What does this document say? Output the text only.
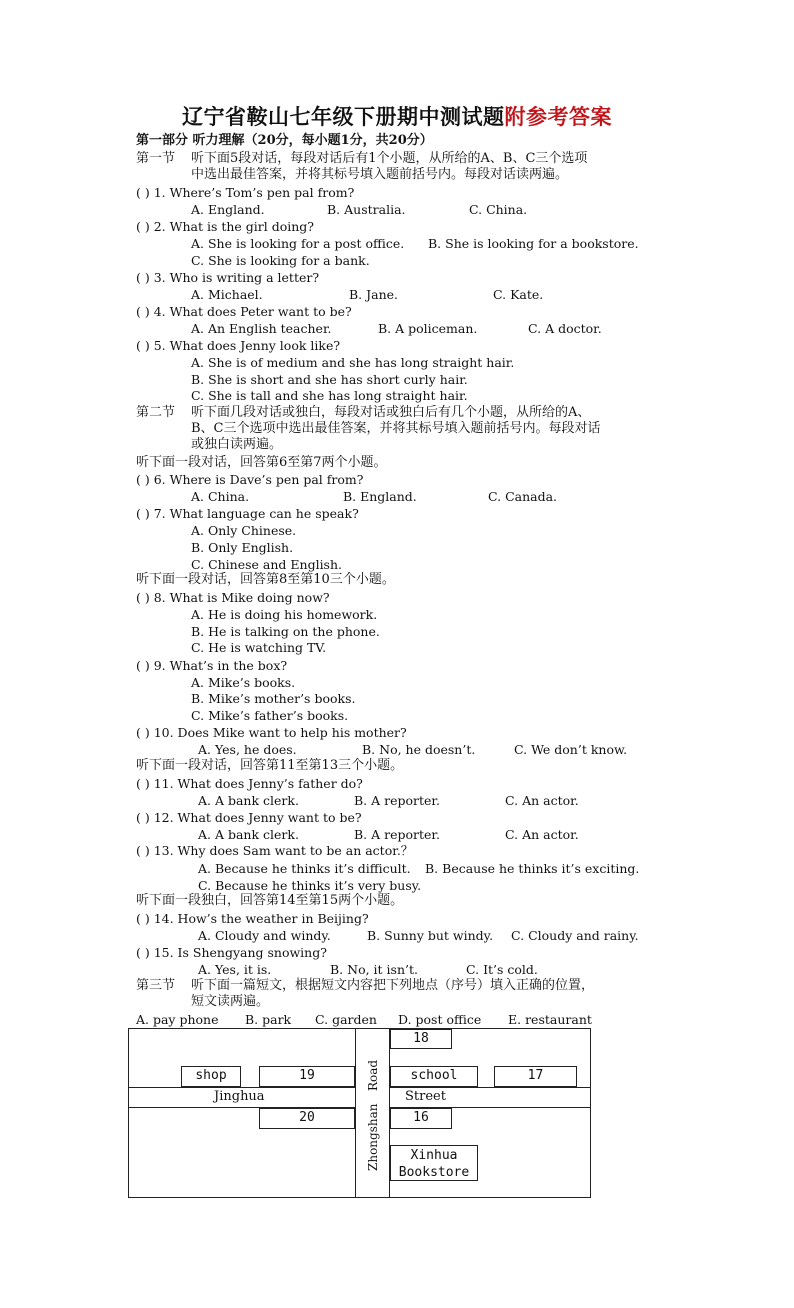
辽宁省鞍山七年级下册期中测试题附参考答案
第一部分 听力理解（20分，每小题1分，共20分）
第一节 听下面5段对话，每段对话后有1个小题，从所给的A、B、C三个选项
中选出最佳答案，并将其标号填入题前括号内。每段对话读两遍。
( ) 1. Where’s Tom’s pen pal from?
A. England.	B. Australia.	C. China.
( ) 2. What is the girl doing?
A. She is looking for a post office. B. She is looking for a bookstore.
C. She is looking for a bank.
( ) 3. Who is writing a letter?
A. Michael.	B. Jane.	C. Kate.
( ) 4. What does Peter want to be?
A. An English teacher.	B. A policeman.	C. A doctor.
( ) 5. What does Jenny look like?
A. She is of medium and she has long straight hair.
B. She is short and she has short curly hair.
C. She is tall and she has long straight hair.
第二节 听下面几段对话或独白，每段对话或独白后有几个小题，从所给的A、
B、C三个选项中选出最佳答案，并将其标号填入题前括号内。每段对话
或独白读两遍。
听下面一段对话，回答第6至第7两个小题。
( ) 6. Where is Dave’s pen pal from?
A. China.	B. England.	C. Canada.
( ) 7. What language can he speak?
A. Only Chinese.
B. Only English.
C. Chinese and English.
听下面一段对话，回答第8至第10三个小题。
( ) 8. What is Mike doing now?
A. He is doing his homework.
B. He is talking on the phone.
C. He is watching TV.
( ) 9. What’s in the box?
A. Mike’s books.
B. Mike’s mother’s books.
C. Mike’s father’s books.
( ) 10. Does Mike want to help his mother?
A. Yes, he does.	B. No, he doesn’t.	C. We don’t know.
听下面一段对话，回答第11至第13三个小题。
( ) 11. What does Jenny’s father do?
A. A bank clerk.	B. A reporter.	C. An actor.
( ) 12. What does Jenny want to be?
A. A bank clerk.	B. A reporter.	C. An actor.
( ) 13. Why does Sam want to be an actor.？
A. Because he thinks it’s difficult. B. Because he thinks it’s exciting.
C. Because he thinks it’s very busy.
听下面一段独白，回答第14至第15两个小题。
( ) 14. How’s the weather in Beijing?
A. Cloudy and windy.	B. Sunny but windy. C. Cloudy and rainy.
( ) 15. Is Shengyang snowing?
A. Yes, it is.	B. No, it isn’t.	C. It’s cold.
第三节 听下面一篇短文，根据短文内容把下列地点（序号）填入正确的位置，
短文读两遍。
A. pay phone B. park C. garden D. post office E. restaurant
18
shop	19	school	17
Jinghua	Street
Road
Zhongshan
20	16
Xinhua
Bookstore
